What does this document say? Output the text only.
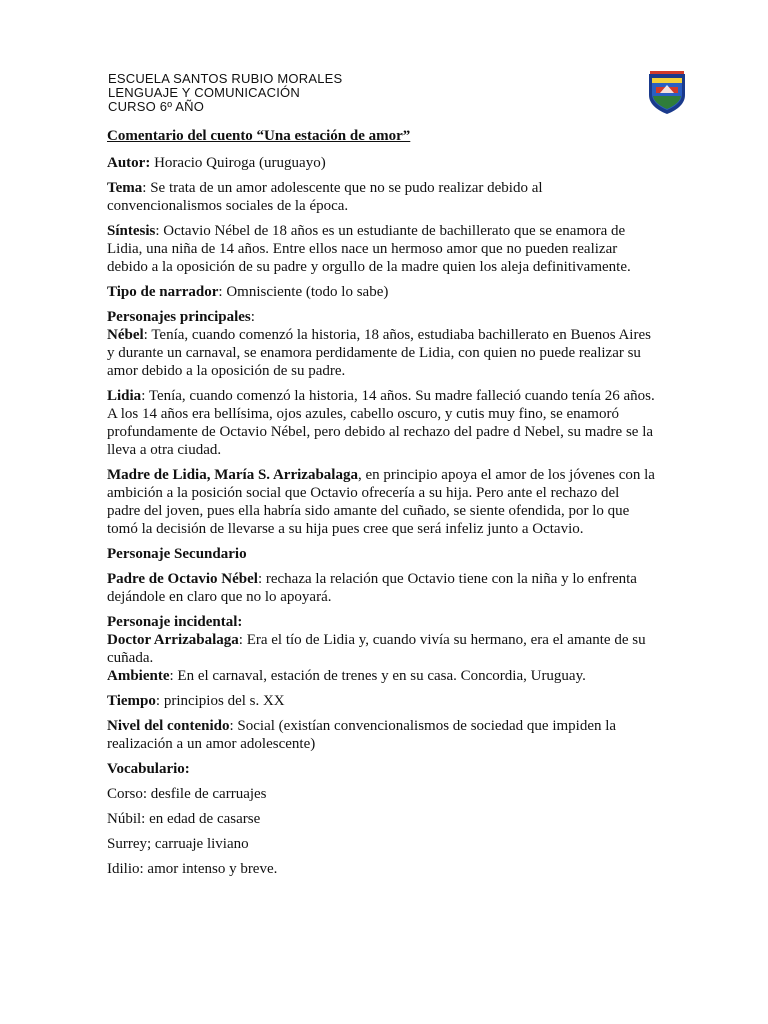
ESCUELA SANTOS RUBIO MORALES
LENGUAJE Y COMUNICACIÓN
CURSO 6º AÑO

Comentario del cuento “Una estación de amor”

Autor: Horacio Quiroga (uruguayo)

Tema: Se trata de un amor adolescente que no se pudo realizar debido al convencionalismos sociales de la época.

Síntesis: Octavio Nébel de 18 años es un estudiante de bachillerato que se enamora de Lidia, una niña de 14 años. Entre ellos nace un hermoso amor que no pueden realizar debido a la oposición de su padre y orgullo de la madre quien los aleja definitivamente.

Tipo de narrador: Omnisciente (todo lo sabe)

Personajes principales:

Nébel: Tenía, cuando comenzó la historia, 18 años, estudiaba bachillerato en Buenos Aires y durante un carnaval, se enamora perdidamente de Lidia, con quien no puede realizar su amor debido a la oposición de su padre.

Lidia: Tenía, cuando comenzó la historia, 14 años. Su madre falleció cuando tenía 26 años. A los 14 años era bellísima, ojos azules, cabello oscuro, y cutis muy fino, se enamoró profundamente de Octavio Nébel, pero debido al rechazo del padre d Nebel, su madre se la lleva a otra ciudad.

Madre de Lidia, María S. Arrizabalaga, en principio apoya el amor de los jóvenes con la ambición a la posición social que Octavio ofrecería a su hija. Pero ante el rechazo del padre del joven, pues ella habría sido amante del cuñado, se siente ofendida, por lo que tomó la decisión de llevarse a su hija pues cree que será infeliz junto a Octavio.

Personaje Secundario

Padre de Octavio Nébel: rechaza la relación que Octavio tiene con la niña y lo enfrenta dejándole en claro que no lo apoyará.

Personaje incidental:

Doctor Arrizabalaga: Era el tío de Lidia y, cuando vivía su hermano, era el amante de su cuñada.

Ambiente: En el carnaval, estación de trenes y en su casa. Concordia, Uruguay.

Tiempo: principios del s. XX

Nivel del contenido: Social (existían convencionalismos de sociedad que impiden la realización a un amor adolescente)

Vocabulario:

Corso: desfile de carruajes

Núbil: en edad de casarse

Surrey; carruaje liviano

Idilio: amor intenso y breve.
